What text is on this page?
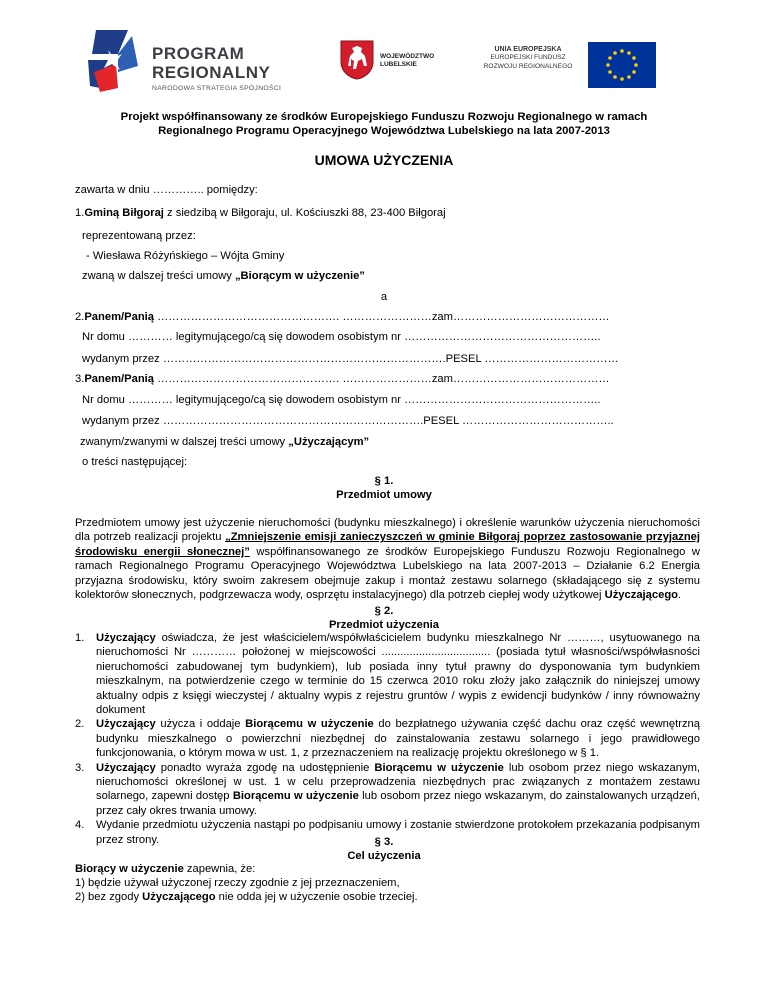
PROGRAM
REGIONALNY
NARODOWA STRATEGIA SPÓJNOŚCI
WOJEWÓDZTWO
LUBELSKIE
UNIA EUROPEJSKA
EUROPEJSKI FUNDUSZ
ROZWOJU REGIONALNEGO
Projekt współfinansowany ze środków Europejskiego Funduszu Rozwoju Regionalnego w ramach
Regionalnego Programu Operacyjnego Województwa Lubelskiego na lata 2007-2013
UMOWA UŻYCZENIA
zawarta w dniu ………….. pomiędzy:
1.Gminą Biłgoraj z siedzibą w Biłgoraju, ul. Kościuszki 88, 23-400 Biłgoraj
reprezentowaną przez:
- Wiesława Różyńskiego – Wójta Gminy
zwaną w dalszej treści umowy „Biorącym w użyczenie”
a
2.Panem/Panią …………………………………………. ……………………zam……………………………………
Nr domu ………… legitymującego/cą się dowodem osobistym nr ……………………………………………..
wydanym przez ………………………………………………………………….PESEL ………………………………
3.Panem/Panią …………………………………………. ……………………zam……………………………………
Nr domu ………… legitymującego/cą się dowodem osobistym nr ……………………………………………..
wydanym przez …………………………………………………………….PESEL …………………………………..
zwanym/zwanymi w dalszej treści umowy „Użyczającym”
o treści następującej:
§ 1.
Przedmiot umowy
Przedmiotem umowy jest użyczenie nieruchomości (budynku mieszkalnego) i określenie warunków użyczenia nieruchomości dla potrzeb realizacji projektu „Zmniejszenie emisji zanieczyszczeń w gminie Biłgoraj poprzez zastosowanie przyjaznej środowisku energii słonecznej” współfinansowanego ze środków Europejskiego Funduszu Rozwoju Regionalnego w ramach Regionalnego Programu Operacyjnego Województwa Lubelskiego na lata 2007-2013 – Działanie 6.2 Energia przyjazna środowisku, który swoim zakresem obejmuje zakup i montaż zestawu solarnego (składającego się z systemu kolektorów słonecznych, podgrzewacza wody, osprzętu instalacyjnego) dla potrzeb ciepłej wody użytkowej Użyczającego.
§ 2.
Przedmiot użyczenia
1. Użyczający oświadcza, że jest właścicielem/współwłaścicielem budynku mieszkalnego Nr ………, usytuowanego na nieruchomości Nr ………… położonej w miejscowości ................................... (posiada tytuł własności/współwłasności nieruchomości zabudowanej tym budynkiem), lub posiada inny tytuł prawny do dysponowania tym budynkiem mieszkalnym, na potwierdzenie czego w terminie do 15 czerwca 2010 roku złoży jako załącznik do niniejszej umowy aktualny odpis z księgi wieczystej / aktualny wypis z rejestru gruntów / wypis z ewidencji budynków / inny równoważny dokument
2. Użyczający użycza i oddaje Biorącemu w użyczenie do bezpłatnego używania część dachu oraz część wewnętrzną budynku mieszkalnego o powierzchni niezbędnej do zainstalowania zestawu solarnego i jego prawidłowego funkcjonowania, o którym mowa w ust. 1, z przeznaczeniem na realizację projektu określonego w § 1.
3. Użyczający ponadto wyraża zgodę na udostępnienie Biorącemu w użyczenie lub osobom przez niego wskazanym, nieruchomości określonej w ust. 1 w celu przeprowadzenia niezbędnych prac związanych z montażem zestawu solarnego, zapewni dostęp Biorącemu w użyczenie lub osobom przez niego wskazanym, do zainstalowanych urządzeń, przez cały okres trwania umowy.
4. Wydanie przedmiotu użyczenia nastąpi po podpisaniu umowy i zostanie stwierdzone protokołem przekazania podpisanym przez strony.	§ 3.
Cel użyczenia
Biorący w użyczenie zapewnia, że:
1) będzie używał użyczonej rzeczy zgodnie z jej przeznaczeniem,
2) bez zgody Użyczającego nie odda jej w użyczenie osobie trzeciej.
